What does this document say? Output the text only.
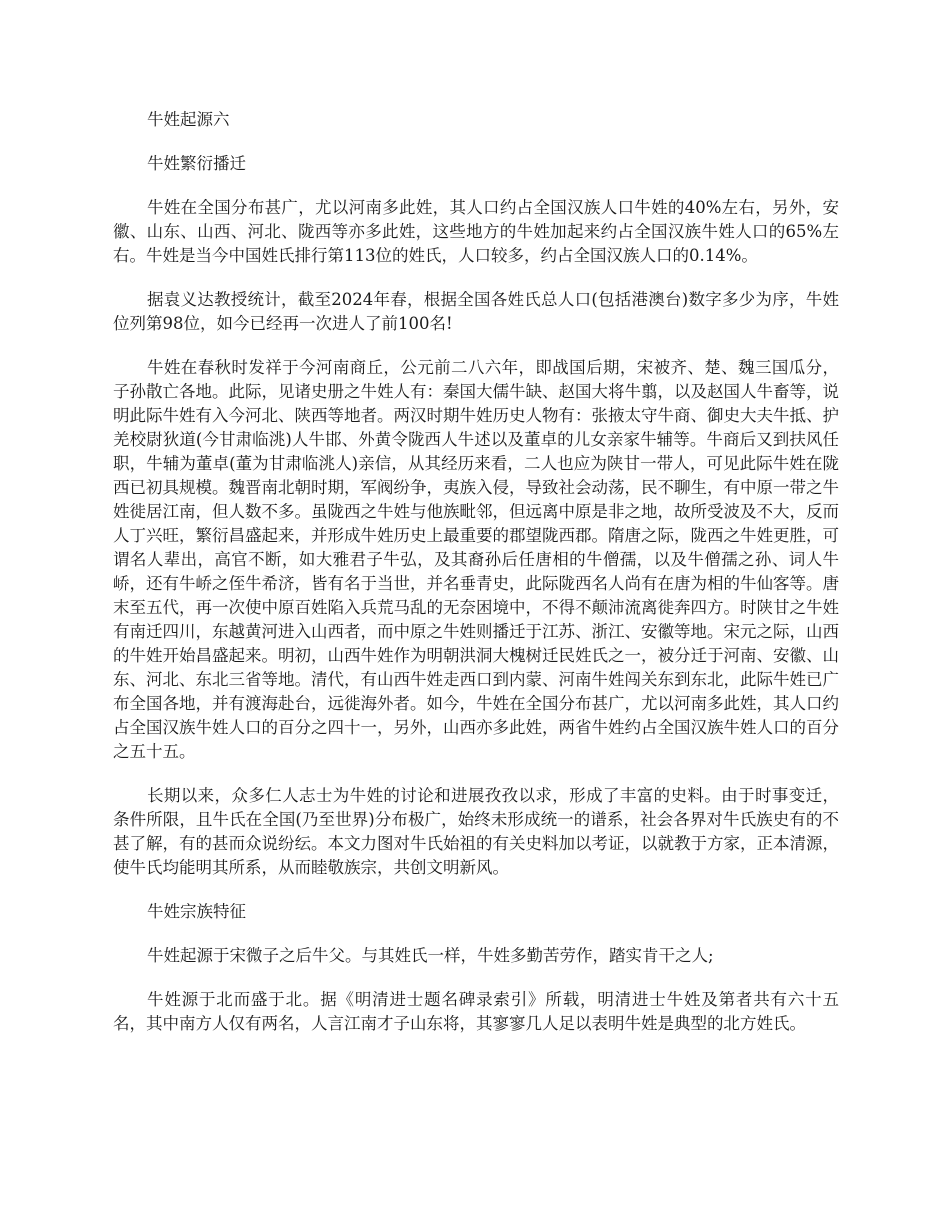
牛姓起源六

牛姓繁衍播迁

牛姓在全国分布甚广，尤以河南多此姓，其人口约占全国汉族人口牛姓的40%左右，另外，安徽、山东、山西、河北、陇西等亦多此姓，这些地方的牛姓加起来约占全国汉族牛姓人口的65%左右。牛姓是当今中国姓氏排行第113位的姓氏，人口较多，约占全国汉族人口的0.14%。

据袁义达教授统计，截至2024年春，根据全国各姓氏总人口(包括港澳台)数字多少为序，牛姓位列第98位，如今已经再一次进人了前100名!

牛姓在春秋时发祥于今河南商丘，公元前二八六年，即战国后期，宋被齐、楚、魏三国瓜分，子孙散亡各地。此际，见诸史册之牛姓人有：秦国大儒牛缺、赵国大将牛翦，以及赵国人牛畜等，说明此际牛姓有入今河北、陕西等地者。两汉时期牛姓历史人物有：张掖太守牛商、御史大夫牛抵、护羌校尉狄道(今甘肃临洮)人牛邯、外黄令陇西人牛述以及董卓的儿女亲家牛辅等。牛商后又到扶风任职，牛辅为董卓(董为甘肃临洮人)亲信，从其经历来看，二人也应为陕甘一带人，可见此际牛姓在陇西已初具规模。魏晋南北朝时期，军阀纷争，夷族入侵，导致社会动荡，民不聊生，有中原一带之牛姓徙居江南，但人数不多。虽陇西之牛姓与他族毗邻，但远离中原是非之地，故所受波及不大，反而人丁兴旺，繁衍昌盛起来，并形成牛姓历史上最重要的郡望陇西郡。隋唐之际，陇西之牛姓更胜，可谓名人辈出，高官不断，如大雅君子牛弘，及其裔孙后任唐相的牛僧孺，以及牛僧孺之孙、词人牛峤，还有牛峤之侄牛希济，皆有名于当世，并名垂青史，此际陇西名人尚有在唐为相的牛仙客等。唐末至五代，再一次使中原百姓陷入兵荒马乱的无奈困境中，不得不颠沛流离徙奔四方。时陕甘之牛姓有南迁四川，东越黄河进入山西者，而中原之牛姓则播迁于江苏、浙江、安徽等地。宋元之际，山西的牛姓开始昌盛起来。明初，山西牛姓作为明朝洪洞大槐树迁民姓氏之一，被分迁于河南、安徽、山东、河北、东北三省等地。清代，有山西牛姓走西口到内蒙、河南牛姓闯关东到东北，此际牛姓已广布全国各地，并有渡海赴台，远徙海外者。如今，牛姓在全国分布甚广，尤以河南多此姓，其人口约占全国汉族牛姓人口的百分之四十一，另外，山西亦多此姓，两省牛姓约占全国汉族牛姓人口的百分之五十五。

长期以来，众多仁人志士为牛姓的讨论和进展孜孜以求，形成了丰富的史料。由于时事变迁，条件所限，且牛氏在全国(乃至世界)分布极广，始终未形成统一的谱系，社会各界对牛氏族史有的不甚了解，有的甚而众说纷纭。本文力图对牛氏始祖的有关史料加以考证，以就教于方家，正本清源，使牛氏均能明其所系，从而睦敬族宗，共创文明新风。

牛姓宗族特征

牛姓起源于宋微子之后牛父。与其姓氏一样，牛姓多勤苦劳作，踏实肯干之人;

牛姓源于北而盛于北。据《明清进士题名碑录索引》所载，明清进士牛姓及第者共有六十五名，其中南方人仅有两名，人言江南才子山东将，其寥寥几人足以表明牛姓是典型的北方姓氏。
